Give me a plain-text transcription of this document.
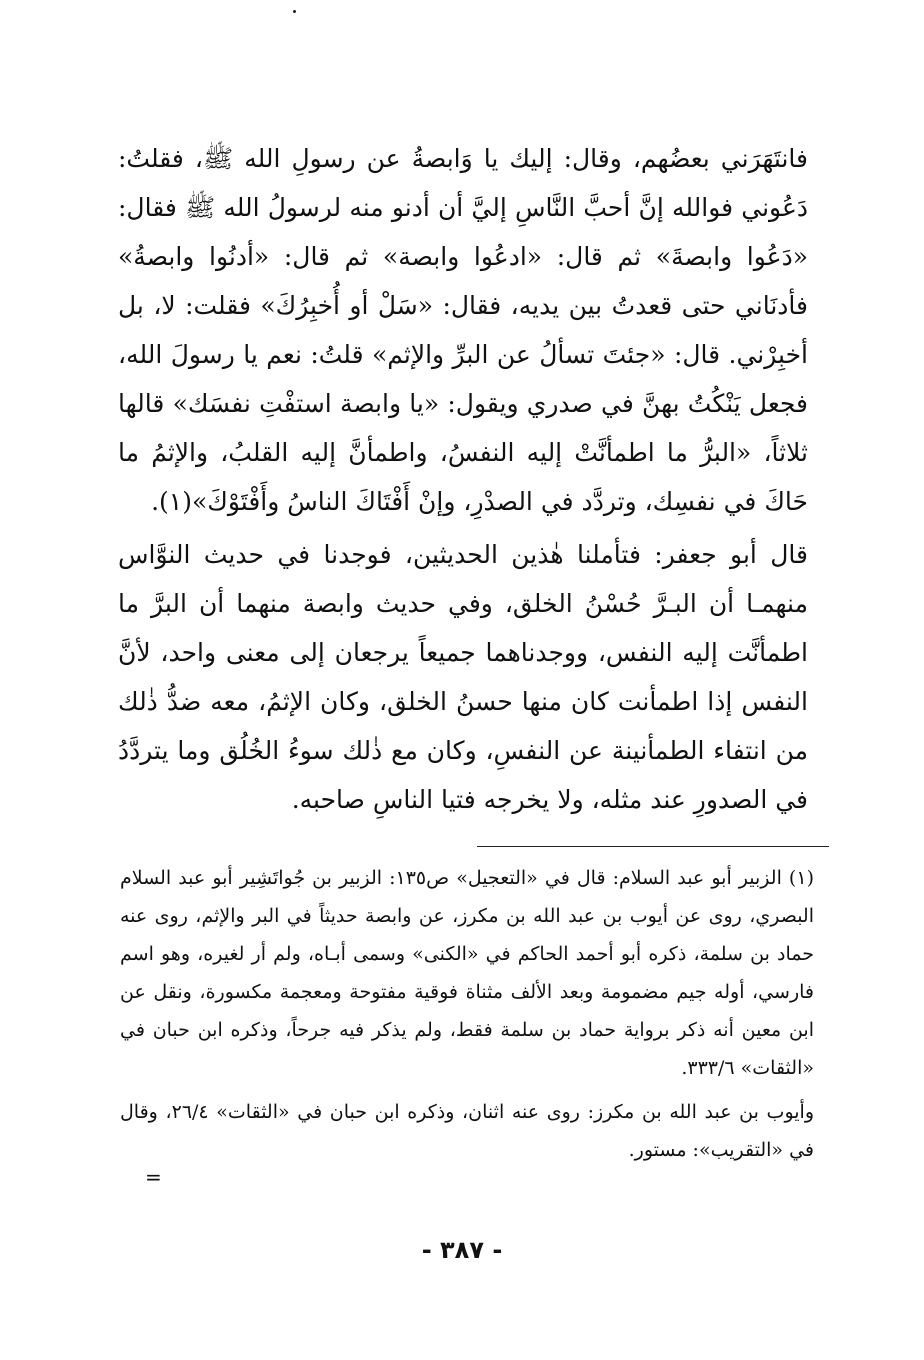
فانتَهَرَني بعضُهم، وقال: إليك يا وَابصةُ عن رسولِ الله ﷺ، فقلتُ: دَعُوني فوالله إنَّ أحبَّ النَّاسِ إليَّ أن أدنو منه لرسولُ الله ﷺ فقال: «دَعُوا وابصةَ» ثم قال: «ادعُوا وابصة» ثم قال: «أدنُوا وابصةُ» فأدنَاني حتى قعدتُ بين يديه، فقال: «سَلْ أو أُخبِرُكَ» فقلت: لا، بل أخبِرْني. قال: «جئتَ تسألُ عن البرِّ والإثم» قلتُ: نعم يا رسولَ الله، فجعل يَنْكُتُ بهنَّ في صدري ويقول: «يا وابصة استفْتِ نفسَك» قالها ثلاثاً، «البرُّ ما اطمأنَّتْ إليه النفسُ، واطمأنَّ إليه القلبُ، والإثمُ ما حَاكَ في نفسِك، وتردَّد في الصدْرِ، وإنْ أَفْتَاكَ الناسُ وأَفْتَوْكَ»(١).

قال أبو جعفر: فتأملنا هٰذين الحديثين، فوجدنا في حديث النوَّاس منهمـا أن البـرَّ حُسْنُ الخلق، وفي حديث وابصة منهما أن البرَّ ما اطمأنَّت إليه النفس، ووجدناهما جميعاً يرجعان إلى معنى واحد، لأنَّ النفس إذا اطمأنت كان منها حسنُ الخلق، وكان الإثمُ، معه ضدُّ ذٰلك من انتفاء الطمأنينة عن النفسِ، وكان مع ذٰلك سوءُ الخُلُق وما يتردَّدُ في الصدورِ عند مثله، ولا يخرجه فتيا الناسِ صاحبه.

(١) الزبير أبو عبد السلام: قال في «التعجيل» ص١٣٥: الزبير بن جُواتَشِير أبو عبد السلام البصري، روى عن أيوب بن عبد الله بن مكرز، عن وابصة حديثاً في البر والإثم، روى عنه حماد بن سلمة، ذكره أبو أحمد الحاكم في «الكنى» وسمى أبـاه، ولم أر لغيره، وهو اسم فارسي، أوله جيم مضمومة وبعد الألف مثناة فوقية مفتوحة ومعجمة مكسورة، ونقل عن ابن معين أنه ذكر برواية حماد بن سلمة فقط، ولم يذكر فيه جرحاً، وذكره ابن حبان في «الثقات» ٣٣٣/٦.

وأيوب بن عبد الله بن مكرز: روى عنه اثنان، وذكره ابن حبان في «الثقات» ٢٦/٤، وقال في «التقريب»: مستور.

=
- ٣٨٧ -
